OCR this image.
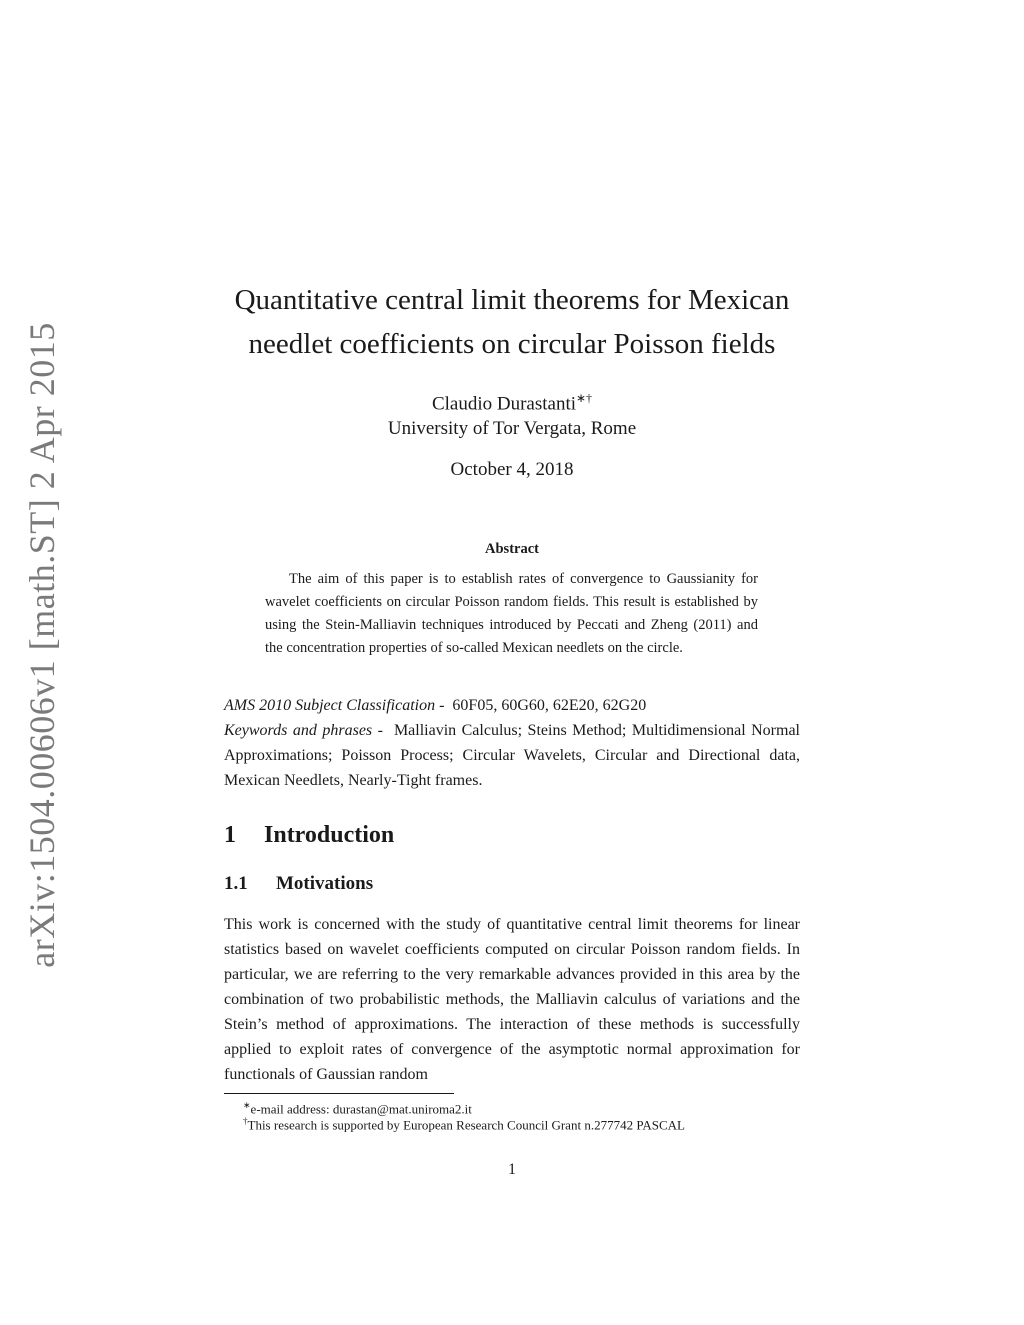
arXiv:1504.00606v1 [math.ST] 2 Apr 2015
Quantitative central limit theorems for Mexican
needlet coefficients on circular Poisson fields
Claudio Durastanti∗†
University of Tor Vergata, Rome
October 4, 2018
Abstract

The aim of this paper is to establish rates of convergence to Gaussianity for wavelet coefficients on circular Poisson random fields. This result is established by using the Stein-Malliavin techniques introduced by Peccati and Zheng (2011) and the concentration properties of so-called Mexican needlets on the circle.

AMS 2010 Subject Classification - 60F05, 60G60, 62E20, 62G20

Keywords and phrases - Malliavin Calculus; Steins Method; Multidimensional Normal Approximations; Poisson Process; Circular Wavelets, Circular and Directional data, Mexican Needlets, Nearly-Tight frames.

1 Introduction
1.1 Motivations

This work is concerned with the study of quantitative central limit theorems for linear statistics based on wavelet coefficients computed on circular Poisson random fields. In particular, we are referring to the very remarkable advances provided in this area by the combination of two probabilistic methods, the Malliavin calculus of variations and the Stein’s method of approximations. The interaction of these methods is successfully applied to exploit rates of convergence of the asymptotic normal approximation for functionals of Gaussian random

∗e-mail address: durastan@mat.uniroma2.it
†This research is supported by European Research Council Grant n.277742 PASCAL
1
